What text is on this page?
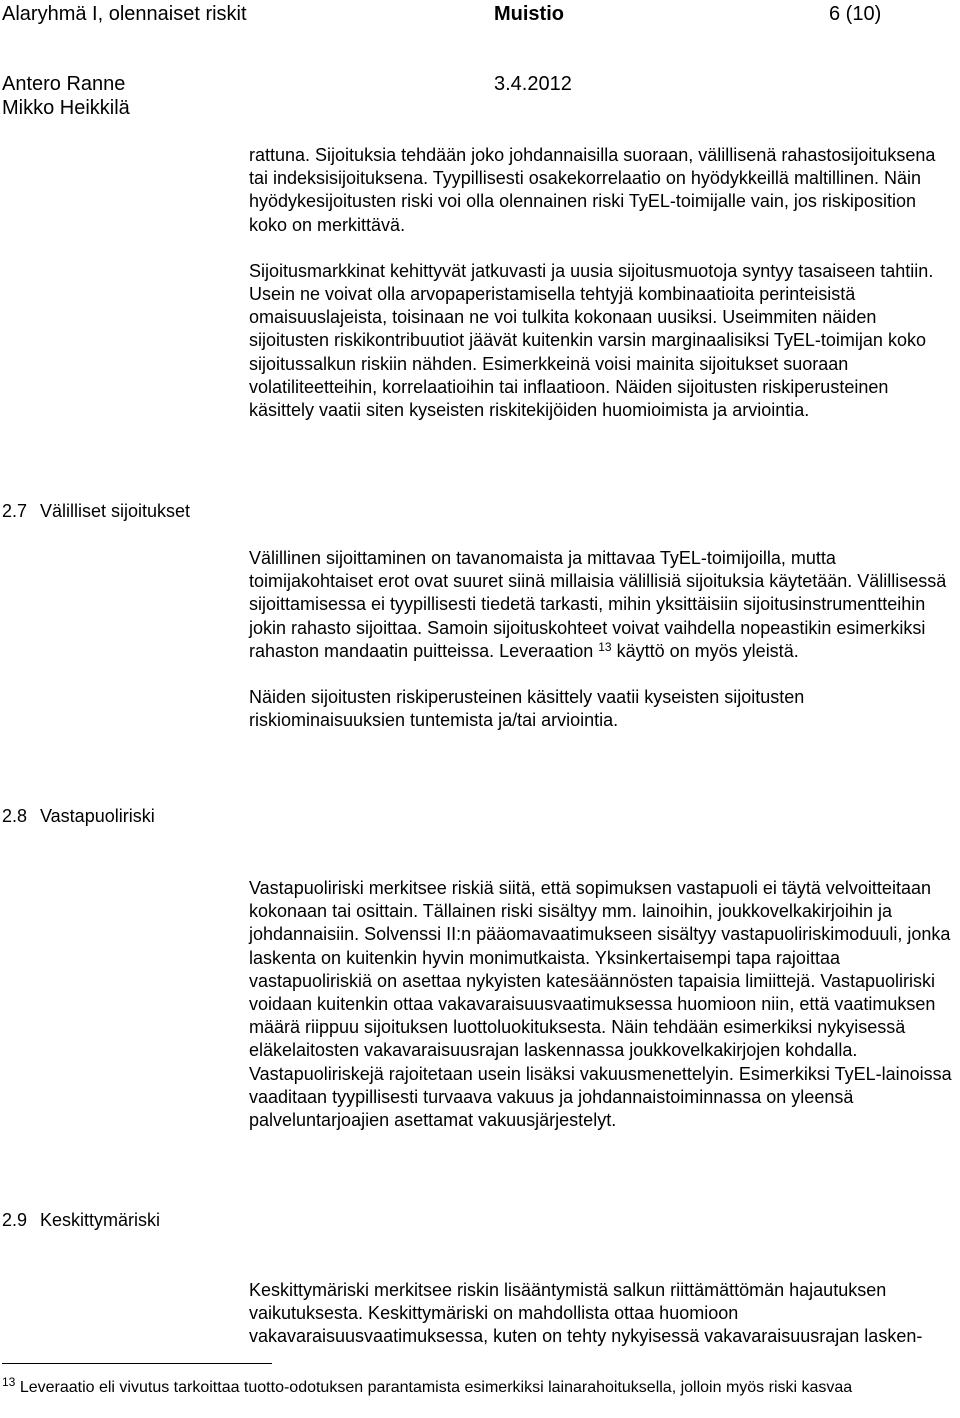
Alaryhmä I, olennaiset riskit	Muistio	6 (10)
Antero Ranne	3.4.2012
Mikko Heikkilä

rattuna. Sijoituksia tehdään joko johdannaisilla suoraan, välillisenä rahastosijoituksena tai indeksisijoituksena. Tyypillisesti osakekorrelaatio on hyödykkeillä maltillinen. Näin hyödykesijoitusten riski voi olla olennainen riski TyEL-toimijalle vain, jos riskiposition koko on merkittävä.

Sijoitusmarkkinat kehittyvät jatkuvasti ja uusia sijoitusmuotoja syntyy tasaiseen tahtiin. Usein ne voivat olla arvopaperistamisella tehtyjä kombinaatioita perinteisistä omaisuuslajeista, toisinaan ne voi tulkita kokonaan uusiksi. Useimmiten näiden sijoitusten riskikontribuutiot jäävät kuitenkin varsin marginaalisiksi TyEL-toimijan koko sijoitussalkun riskiin nähden. Esimerkkeinä voisi mainita sijoitukset suoraan volatiliteetteihin, korrelaatioihin tai inflaatioon. Näiden sijoitusten riskiperusteinen käsittely vaatii siten kyseisten riskitekijöiden huomioimista ja arviointia.

2.7 Välilliset sijoitukset

Välillinen sijoittaminen on tavanomaista ja mittavaa TyEL-toimijoilla, mutta toimijakohtaiset erot ovat suuret siinä millaisia välillisiä sijoituksia käytetään. Välillisessä sijoittamisessa ei tyypillisesti tiedetä tarkasti, mihin yksittäisiin sijoitusinstrumentteihin jokin rahasto sijoittaa. Samoin sijoituskohteet voivat vaihdella nopeastikin esimerkiksi rahaston mandaatin puitteissa. Leveraation $^{13}$ käyttö on myös yleistä.

Näiden sijoitusten riskiperusteinen käsittely vaatii kyseisten sijoitusten riskiominaisuuksien tuntemista ja/tai arviointia.

2.8 Vastapuoliriski

Vastapuoliriski merkitsee riskiä siitä, että sopimuksen vastapuoli ei täytä velvoitteitaan kokonaan tai osittain. Tällainen riski sisältyy mm. lainoihin, joukkovelkakirjoihin ja johdannaisiin. Solvenssi II:n pääomavaatimukseen sisältyy vastapuoliriskimoduuli, jonka laskenta on kuitenkin hyvin monimutkaista. Yksinkertaisempi tapa rajoittaa vastapuoliriskiä on asettaa nykyisten katesäännösten tapaisia limiittejä. Vastapuoliriski voidaan kuitenkin ottaa vakavaraisuusvaatimuksessa huomioon niin, että vaatimuksen määrä riippuu sijoituksen luottoluokituksesta. Näin tehdään esimerkiksi nykyisessä eläkelaitosten vakavaraisuusrajan laskennassa joukkovelkakirjojen kohdalla. Vastapuoliriskejä rajoitetaan usein lisäksi vakuusmenettelyin. Esimerkiksi TyEL-lainoissa vaaditaan tyypillisesti turvaava vakuus ja johdannaistoiminnassa on yleensä palveluntarjoajien asettamat vakuusjärjestelyt.

2.9 Keskittymäriski

Keskittymäriski merkitsee riskin lisääntymistä salkun riittämättömän hajautuksen vaikutuksesta. Keskittymäriski on mahdollista ottaa huomioon vakavaraisuusvaatimuksessa, kuten on tehty nykyisessä vakavaraisuusrajan lasken-

$^{13}$ Leveraatio eli vivutus tarkoittaa tuotto-odotuksen parantamista esimerkiksi lainarahoituksella, jolloin myös riski kasvaa
